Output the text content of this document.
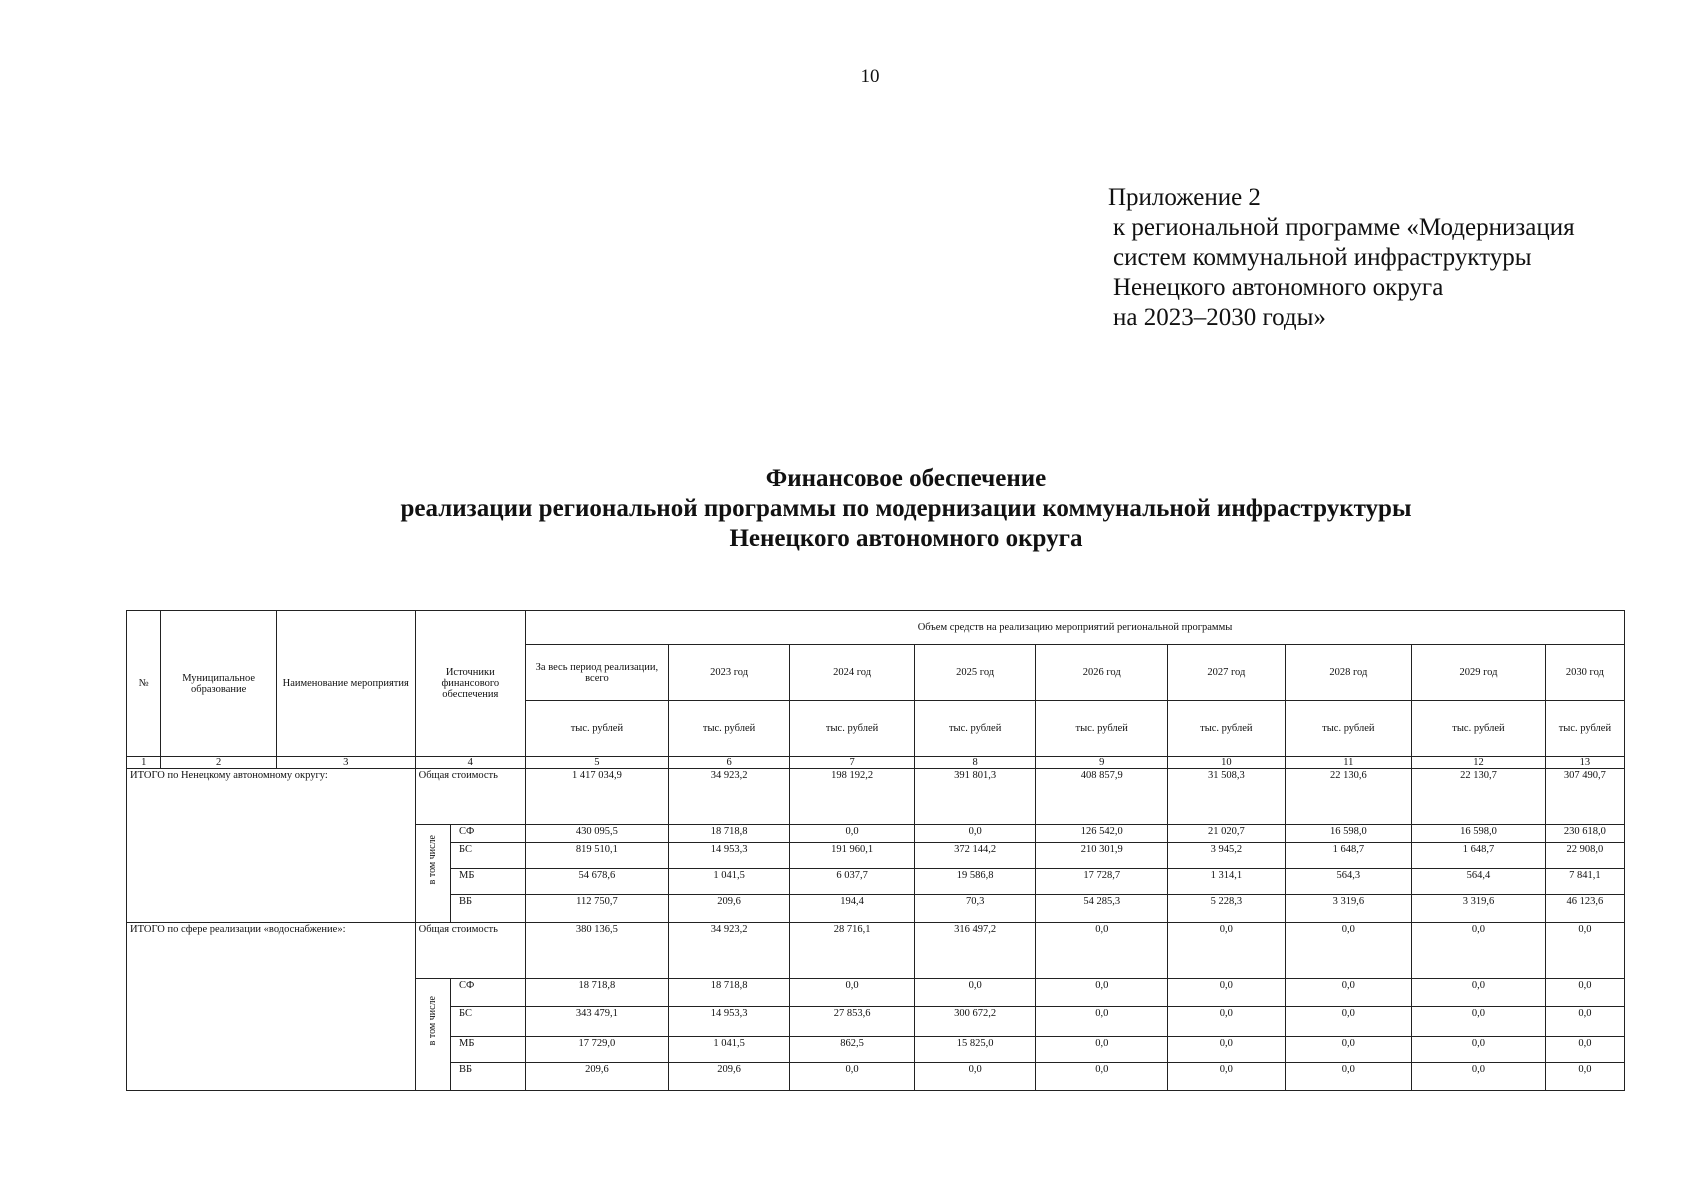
10
Приложение 2
к региональной программе «Модернизация
систем коммунальной инфраструктуры
Ненецкого автономного округа
на 2023–2030 годы»
Финансовое обеспечение
реализации региональной программы по модернизации коммунальной инфраструктуры
Ненецкого автономного округа
№	Муниципальное образование	Наименование мероприятия	Источники финансового обеспечения		Объем средств на реализацию мероприятий региональной программы								
					За весь период реализации, всего	2023 год	2024 год	2025 год	2026 год	2027 год	2028 год	2029 год	2030 год
					тыс. рублей	тыс. рублей	тыс. рублей	тыс. рублей	тыс. рублей	тыс. рублей	тыс. рублей	тыс. рублей	тыс. рублей
1	2	3	4		5	6	7	8	9	10	11	12	13
ИТОГО по Ненецкому автономному округу:			Общая стоимость		1 417 034,9	34 923,2	198 192,2	391 801,3	408 857,9	31 508,3	22 130,6	22 130,7	307 490,7

			в том числе	СФ	430 095,5	18 718,8	0,0	0,0	126 542,0	21 020,7	16 598,0	16 598,0	230 618,0
				БС	819 510,1	14 953,3	191 960,1	372 144,2	210 301,9	3 945,2	1 648,7	1 648,7	22 908,0
				МБ	54 678,6	1 041,5	6 037,7	19 586,8	17 728,7	1 314,1	564,3	564,4	7 841,1
				ВБ	112 750,7	209,6	194,4	70,3	54 285,3	5 228,3	3 319,6	3 319,6	46 123,6
ИТОГО по сфере реализации «водоснабжение»:			Общая стоимость		380 136,5	34 923,2	28 716,1	316 497,2	0,0	0,0	0,0	0,0	0,0

			в том числе	СФ	18 718,8	18 718,8	0,0	0,0	0,0	0,0	0,0	0,0	0,0
				БС	343 479,1	14 953,3	27 853,6	300 672,2	0,0	0,0	0,0	0,0	0,0
				МБ	17 729,0	1 041,5	862,5	15 825,0	0,0	0,0	0,0	0,0	0,0
				ВБ	209,6	209,6	0,0	0,0	0,0	0,0	0,0	0,0	0,0
